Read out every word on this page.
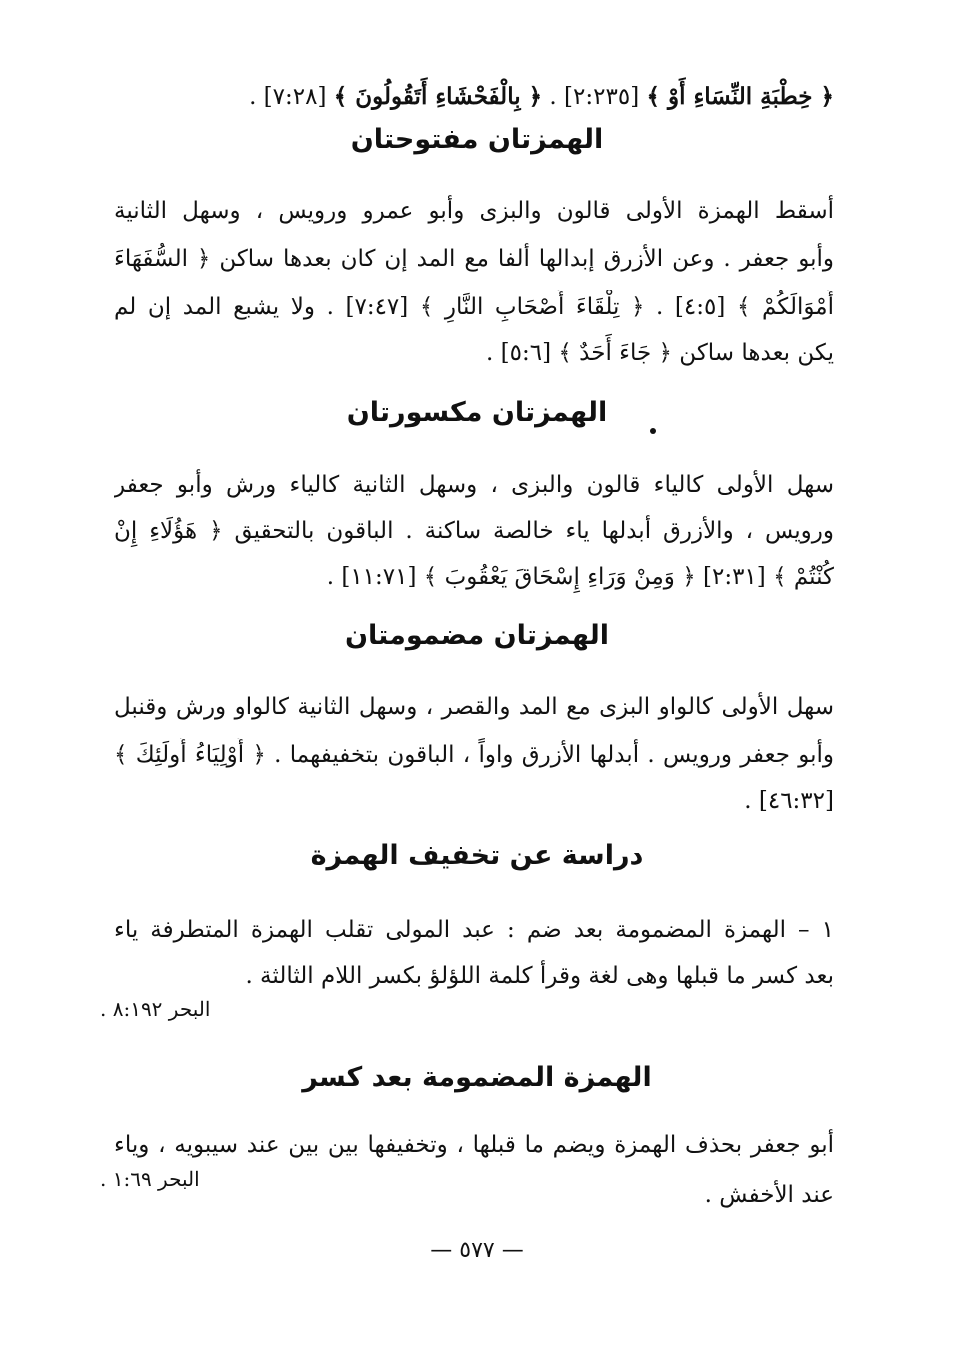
﴿ خِطْبَةِ النِّسَاءِ أَوْ ﴾ [٢:٢٣٥] . ﴿ بِالْفَحْشَاءِ أَتَقُولُونَ ﴾ [٧:٢٨] .
الهمزتان مفتوحتان
أسقط الهمزة الأولى قالون والبزى وأبو عمرو ورويس ، وسهل الثانية
وأبو جعفر . وعن الأزرق إبدالها ألفا مع المد إن كان بعدها ساكن ﴿ السُّفَهَاءَ
أَمْوَالَكُمْ ﴾ [٤:٥] . ﴿ تِلْقَاءَ أَصْحَابِ النَّارِ ﴾ [٧:٤٧] . ولا يشبع المد إن لم
يكن بعدها ساكن ﴿ جَاءَ أَحَدٌ ﴾ [٥:٦] .
الهمزتان مكسورتان
سهل الأولى كالياء قالون والبزى ، وسهل الثانية كالياء ورش وأبو جعفر
ورويس ، والأزرق أبدلها ياء خالصة ساكنة . الباقون بالتحقيق ﴿ هَؤُلَاءِ إِنْ
كُنْتُمْ ﴾ [٢:٣١] ﴿ وَمِنْ وَرَاءِ إِسْحَاقَ يَعْقُوبَ ﴾ [١١:٧١] .
الهمزتان مضمومتان
سهل الأولى كالواو البزى مع المد والقصر ، وسهل الثانية كالواو ورش وقنبل
وأبو جعفر ورويس . أبدلها الأزرق واواً ، الباقون بتخفيفهما . ﴿ أَوْلِيَاءُ أُولَئِكَ ﴾
[٤٦:٣٢] .
دراسة عن تخفيف الهمزة
١ – الهمزة المضمومة بعد ضم : عبد المولى تقلب الهمزة المتطرفة ياء
بعد كسر ما قبلها وهى لغة وقرأ كلمة اللؤلؤ بكسر اللام الثالثة .
البحر ٨:١٩٢ .
الهمزة المضمومة بعد كسر
أبو جعفر بحذف الهمزة ويضم ما قبلها ، وتخفيفها بين بين عند سيبويه ، وياء
البحر ١:٦٩ .
عند الأخفش .
— ٥٧٧ —
